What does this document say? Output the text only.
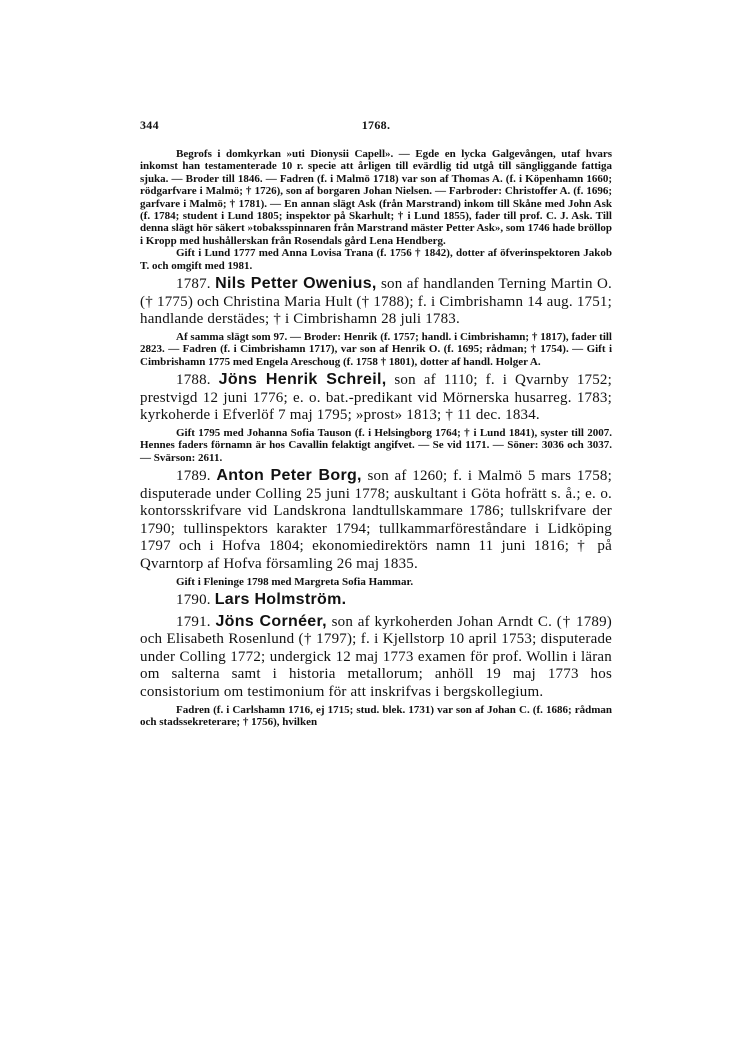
344	1768.

Begrofs i domkyrkan »uti Dionysii Capell». — Egde en lycka Galgevången, utaf hvars inkomst han testamenterade 10 r. specie att årligen till evärdlig tid utgå till sängliggande fattiga sjuka. — Broder till 1846. — Fadren (f. i Malmö 1718) var son af Thomas A. (f. i Köpenhamn 1660; rödgarfvare i Malmö; † 1726), son af borgaren Johan Nielsen. — Farbroder: Christoffer A. (f. 1696; garfvare i Malmö; † 1781). — En annan slägt Ask (från Marstrand) inkom till Skåne med John Ask (f. 1784; student i Lund 1805; inspektor på Skarhult; † i Lund 1855), fader till prof. C. J. Ask. Till denna slägt hör säkert »tobaksspinnaren från Marstrand mäster Petter Ask», som 1746 hade bröllop i Kropp med hushållerskan från Rosendals gård Lena Hendberg.

Gift i Lund 1777 med Anna Lovisa Trana (f. 1756 † 1842), dotter af öfverinspektoren Jakob T. och omgift med 1981.

1787. Nils Petter Owenius, son af handlanden Terning Martin O. († 1775) och Christina Maria Hult († 1788); f. i Cimbrishamn 14 aug. 1751; handlande derstädes; † i Cimbrishamn 28 juli 1783.

Af samma slägt som 97. — Broder: Henrik (f. 1757; handl. i Cimbrishamn; † 1817), fader till 2823. — Fadren (f. i Cimbrishamn 1717), var son af Henrik O. (f. 1695; rådman; † 1754). — Gift i Cimbrishamn 1775 med Engela Areschoug (f. 1758 † 1801), dotter af handl. Holger A.

1788. Jöns Henrik Schreil, son af 1110; f. i Qvarnby 1752; prestvigd 12 juni 1776; e. o. bat.-predikant vid Mörnerska husarreg. 1783; kyrkoherde i Efverlöf 7 maj 1795; »prost» 1813; † 11 dec. 1834.

Gift 1795 med Johanna Sofia Tauson (f. i Helsingborg 1764; † i Lund 1841), syster till 2007. Hennes faders förnamn är hos Cavallin felaktigt angifvet. — Se vid 1171. — Söner: 3036 och 3037. — Svärson: 2611.

1789. Anton Peter Borg, son af 1260; f. i Malmö 5 mars 1758; disputerade under Colling 25 juni 1778; auskultant i Göta hofrätt s. å.; e. o. kontorsskrifvare vid Landskrona landtullskammare 1786; tullskrifvare der 1790; tullinspektors karakter 1794; tullkammarföreståndare i Lidköping 1797 och i Hofva 1804; ekonomiedirektörs namn 11 juni 1816; † på Qvarntorp af Hofva församling 26 maj 1835.

Gift i Fleninge 1798 med Margreta Sofia Hammar.

1790. Lars Holmström.

1791. Jöns Cornéer, son af kyrkoherden Johan Arndt C. († 1789) och Elisabeth Rosenlund († 1797); f. i Kjellstorp 10 april 1753; disputerade under Colling 1772; undergick 12 maj 1773 examen för prof. Wollin i läran om salterna samt i historia metallorum; anhöll 19 maj 1773 hos consistorium om testimonium för att inskrifvas i bergskollegium.

Fadren (f. i Carlshamn 1716, ej 1715; stud. blek. 1731) var son af Johan C. (f. 1686; rådman och stadssekreterare; † 1756), hvilken
